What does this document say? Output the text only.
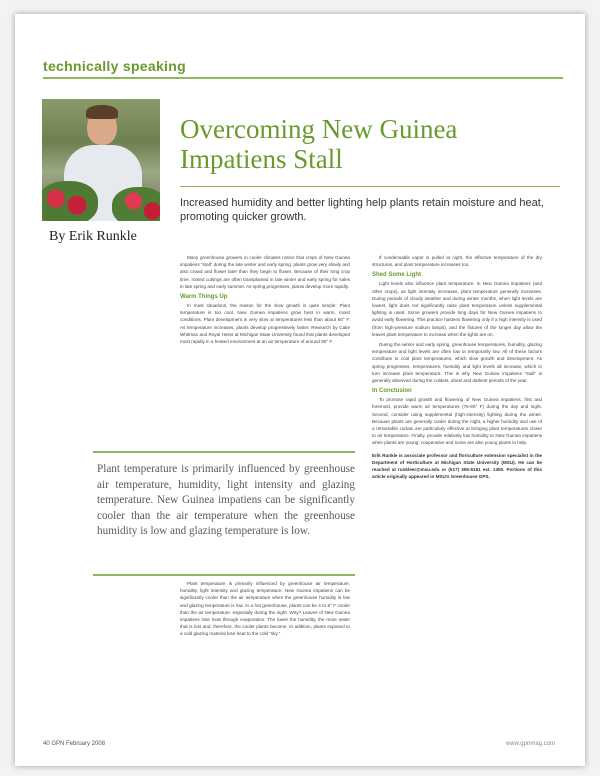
technically speaking
Overcoming New Guinea Impatiens Stall

Increased humidity and better lighting help plants retain moisture and heat, promoting quicker growth.

By Erik Runkle

Many greenhouse growers in cooler climates notice that crops of New Guinea impatiens “stall” during the late winter and early spring: plants grow very slowly and also crowd and flower later than they begin to flower. Because of their long crop time, rooted cuttings are often transplanted in late winter and early spring for sales in late spring and early summer. As spring progresses, plants develop more rapidly.

Warm Things Up

In most situations, the reason for the slow growth is quite simple: Plant temperature is too cool. New Guinea impatiens grow best in warm, moist conditions. Plant development is very slow at temperatures less than about 60° F. As temperature increases, plants develop progressively faster. Research by Catie Whitman and Royal Heins at Michigan State University found that plants developed most rapidly in a heated environment at an air temperature of around 80° F.

If condensable vapor is pulled at night, the effective temperature of the dry structures, and plant temperature increases too.

Shed Some Light

Light levels also influence plant temperature. In New Guinea impatiens (and other crops), as light intensity increases, plant temperature generally increases. During periods of cloudy weather and during winter months, when light levels are lowest, light does not significantly raise plant temperature unless supplemental lighting is used. Some growers provide long days for New Guinea impatiens to avoid early flowering. This practice hastens flowering only if a high intensity is used (from high-pressure sodium lamps), and the fixtures of the longer day allow the leaves plant temperature to increase when the lights are on.

During the winter and early spring, greenhouse temperatures, humidity, glazing temperature and light levels are often low or temporarily low. All of these factors contribute to cool plant temperatures, which slow growth and development. As spring progresses, temperatures, humidity and light levels all increase, which in turn increase plant temperature. This is why New Guinea impatiens “stall” is generally observed during the coldest, driest and darkest periods of the year.

In Conclusion

To promote rapid growth and flowering of New Guinea impatiens, first and foremost, provide warm air temperatures (75-80° F) during the day and night. Second, consider using supplemental (high-intensity) lighting during the winter. Because plants are generally cooler during the night, a higher humidity and use of a retractable curtain are particularly effective at bringing plant temperatures closer to air temperature. Finally, provide relatively low humidity to New Guinea impatiens when plants are young: cooperative and some are also young plants to help.

Erik Runkle is associate professor and floriculture extension specialist in the Department of Horticulture at Michigan State University (MSU). He can be reached at runkleer@msu.edu or (517) 355-5191 ext. 1350. Portions of this article originally appeared in MSU’s Greenhouse GPS.

Plant temperature is primarily influenced by greenhouse air temperature, humidity, light intensity and glazing temperature. New Guinea impatiens can be significantly cooler than the air temperature when the greenhouse humidity is low and glazing temperature is low.

Plant temperature is primarily influenced by greenhouse air temperature, humidity, light intensity and glazing temperature. New Guinea impatiens can be significantly cooler than the air temperature when the greenhouse humidity is low and glazing temperature is low. In a hot greenhouse, plants can be 4 to 8° F cooler than the air temperature, especially during the night. Why? Leaves of New Guinea impatiens lose heat through evaporation. The lower the humidity, the more water that is lost and, therefore, the cooler plants become. In addition, plants exposed to a cold glazing material lose heat to the cold “sky.”

40 GPN February 2008	www.gpnmag.com
